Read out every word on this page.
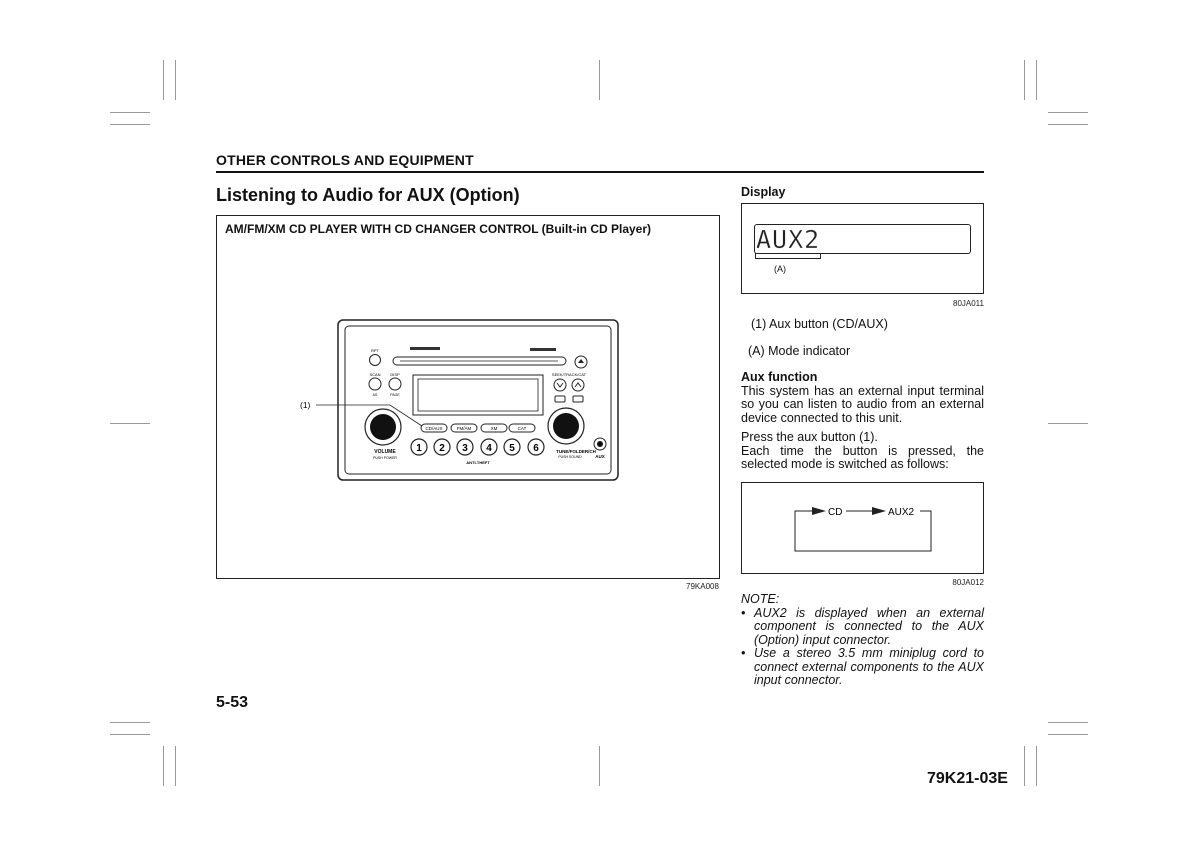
OTHER CONTROLS AND EQUIPMENT
Listening to Audio for AUX (Option)
AM/FM/XM CD PLAYER WITH CD CHANGER CONTROL (Built-in CD Player)
RPT
SCAN DISP
AS	PAGE
SEEK/TRACK/CAT
VOLUME
PUSH POWER
TUNE/FOLDER/CH
PUSH SOUND	AUX
CD/AUX	FM/AM	XM	CAT
1 2 3 4 5 6
ANTI-THEFT
(1)
79KA008
Display
AUX2
(A)
80JA011
(1) Aux button (CD/AUX)
(A) Mode indicator
Aux function
This system has an external input terminal so you can listen to audio from an external device connected to this unit.
Press the aux button (1).
Each time the button is pressed, the selected mode is switched as follows:
CD	AUX2
80JA012
NOTE:
• AUX2 is displayed when an external component is connected to the AUX (Option) input connector.
• Use a stereo 3.5 mm miniplug cord to connect external components to the AUX input connector.
5-53
79K21-03E
